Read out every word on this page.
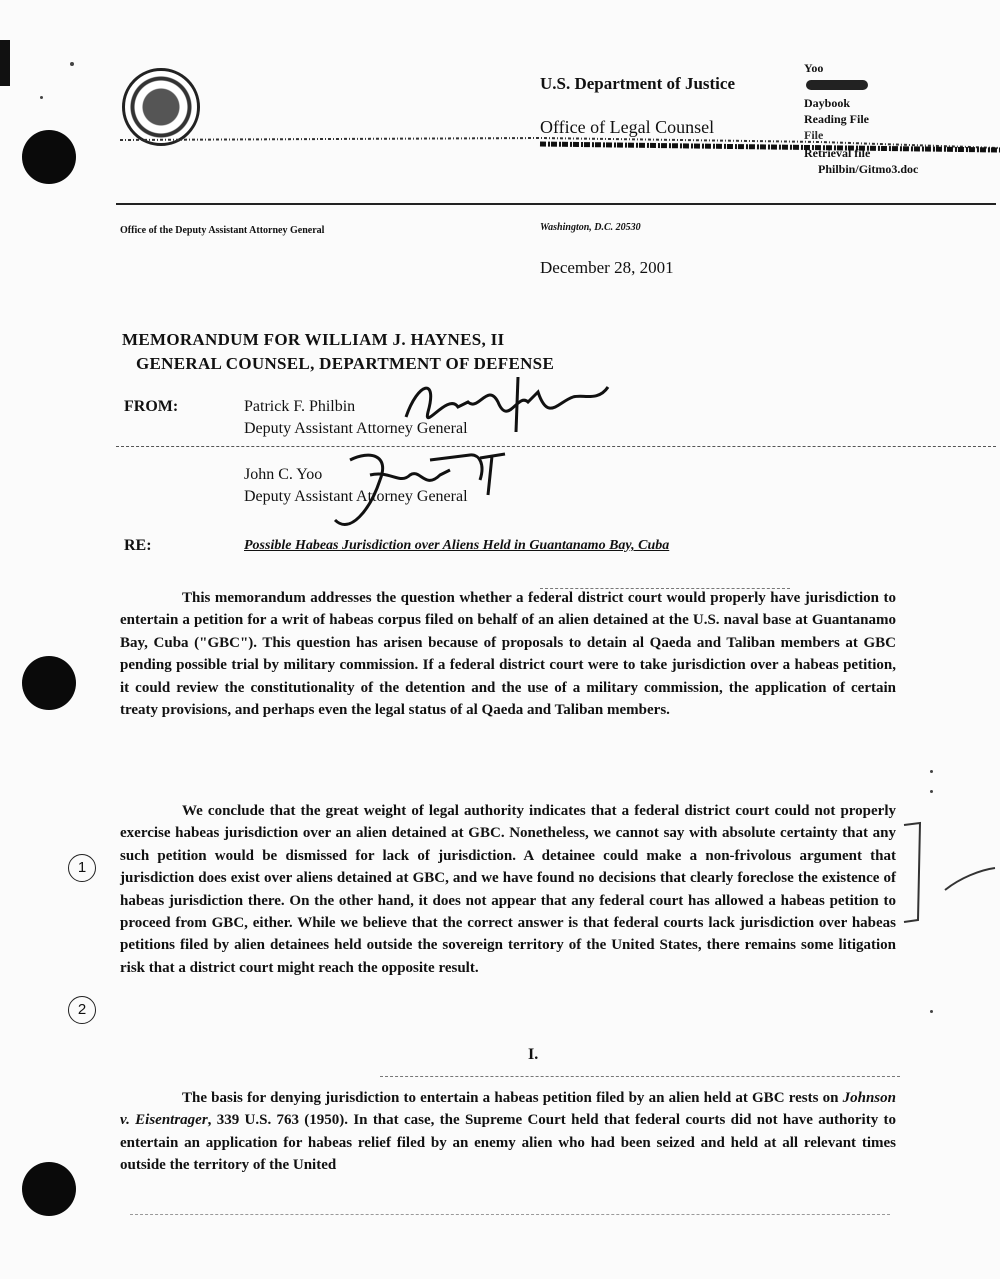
U.S. Department of Justice
Office of Legal Counsel
Yoo
Daybook
Reading File
File
Retrieval file
Philbin/Gitmo3.doc
Office of the Deputy Assistant Attorney General	Washington, D.C. 20530
December 28, 2001
MEMORANDUM FOR WILLIAM J. HAYNES, II
GENERAL COUNSEL, DEPARTMENT OF DEFENSE
FROM:	Patrick F. Philbin
Deputy Assistant Attorney General
John C. Yoo
Deputy Assistant Attorney General
RE:	Possible Habeas Jurisdiction over Aliens Held in Guantanamo Bay, Cuba

This memorandum addresses the question whether a federal district court would properly have jurisdiction to entertain a petition for a writ of habeas corpus filed on behalf of an alien detained at the U.S. naval base at Guantanamo Bay, Cuba ("GBC"). This question has arisen because of proposals to detain al Qaeda and Taliban members at GBC pending possible trial by military commission. If a federal district court were to take jurisdiction over a habeas petition, it could review the constitutionality of the detention and the use of a military commission, the application of certain treaty provisions, and perhaps even the legal status of al Qaeda and Taliban members.

We conclude that the great weight of legal authority indicates that a federal district court could not properly exercise habeas jurisdiction over an alien detained at GBC. Nonetheless, we cannot say with absolute certainty that any such petition would be dismissed for lack of jurisdiction. A detainee could make a non-frivolous argument that jurisdiction does exist over aliens detained at GBC, and we have found no decisions that clearly foreclose the existence of habeas jurisdiction there. On the other hand, it does not appear that any federal court has allowed a habeas petition to proceed from GBC, either. While we believe that the correct answer is that federal courts lack jurisdiction over habeas petitions filed by alien detainees held outside the sovereign territory of the United States, there remains some litigation risk that a district court might reach the opposite result.

1
2
I.

The basis for denying jurisdiction to entertain a habeas petition filed by an alien held at GBC rests on Johnson v. Eisentrager, 339 U.S. 763 (1950). In that case, the Supreme Court held that federal courts did not have authority to entertain an application for habeas relief filed by an enemy alien who had been seized and held at all relevant times outside the territory of the United
